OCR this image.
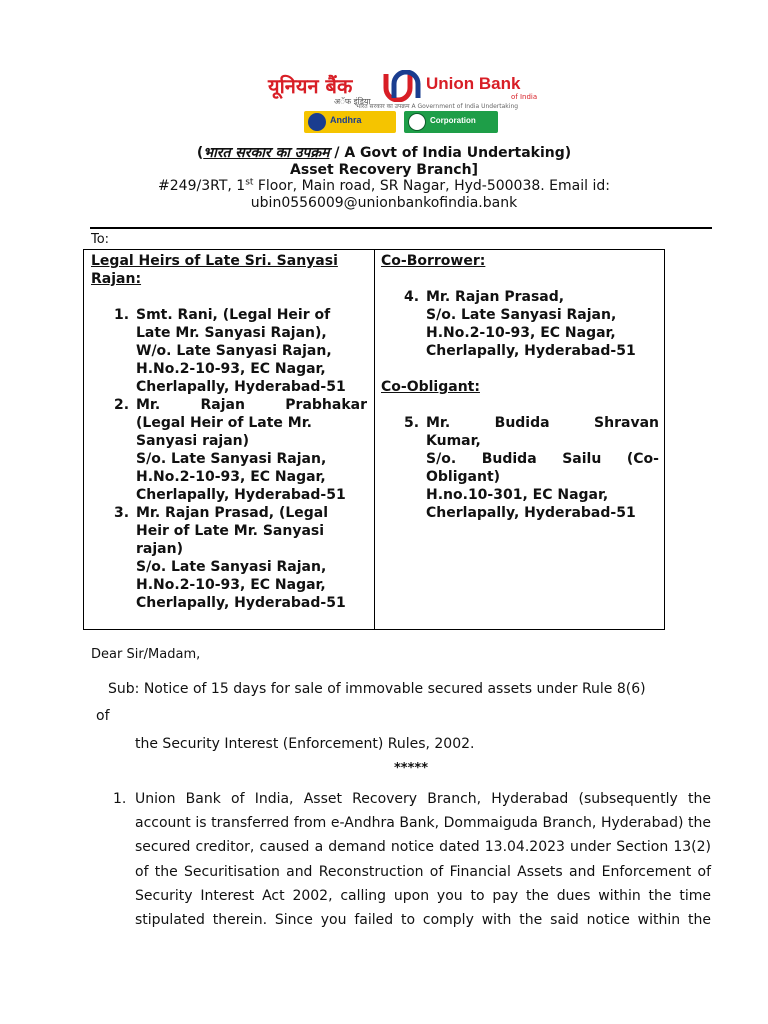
यूनियन बैंक
अॅफ इंडिया
Union Bank
of India
भारत सरकार का उपक्रम A Government of India Undertaking
Andhra	Corporation
(भारत सरकार का उपक्रम / A Govt of India Undertaking)
Asset Recovery Branch]
#249/3RT, 1st Floor, Main road, SR Nagar, Hyd-500038. Email id:
ubin0556009@unionbankofindia.bank
To:
Legal Heirs of Late Sri. Sanyasi
Rajan:
1. Smt. Rani, (Legal Heir of
Late Mr. Sanyasi Rajan),
W/o. Late Sanyasi Rajan,
H.No.2-10-93, EC Nagar,
Cherlapally, Hyderabad-51
2. Mr. Rajan Prabhakar
(Legal Heir of Late Mr.
Sanyasi rajan)
S/o. Late Sanyasi Rajan,
H.No.2-10-93, EC Nagar,
Cherlapally, Hyderabad-51
3. Mr. Rajan Prasad, (Legal
Heir of Late Mr. Sanyasi
rajan)
S/o. Late Sanyasi Rajan,
H.No.2-10-93, EC Nagar,
Cherlapally, Hyderabad-51
Co-Borrower:
4. Mr. Rajan Prasad,
S/o. Late Sanyasi Rajan,
H.No.2-10-93, EC Nagar,
Cherlapally, Hyderabad-51
Co-Obligant:
5. Mr. Budida Shravan
Kumar,
S/o. Budida Sailu (Co-
Obligant)
H.no.10-301, EC Nagar,
Cherlapally, Hyderabad-51
Dear Sir/Madam,
Sub: Notice of 15 days for sale of immovable secured assets under Rule 8(6)
of
the Security Interest (Enforcement) Rules, 2002.
*****
1. Union Bank of India, Asset Recovery Branch, Hyderabad (subsequently the
account is transferred from e-Andhra Bank, Dommaiguda Branch, Hyderabad) the
secured creditor, caused a demand notice dated 13.04.2023 under Section 13(2)
of the Securitisation and Reconstruction of Financial Assets and Enforcement of
Security Interest Act 2002, calling upon you to pay the dues within the time
stipulated therein. Since you failed to comply with the said notice within the
